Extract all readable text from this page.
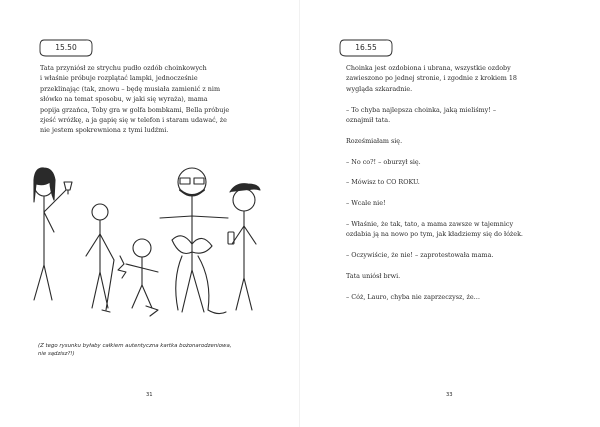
15.50
Tata przyniósł ze strychu pudło ozdób choinkowych
i właśnie próbuje rozplątać lampki, jednocześnie
przeklinając (tak, znowu – będę musiała zamienić z nim
słówko na temat sposobu, w jaki się wyraża), mama
popija grzańca, Toby gra w golfa bombkami, Bella próbuje
zjeść wróżkę, a ja gapię się w telefon i staram udawać, że
nie jestem spokrewniona z tymi ludźmi.
(Z tego rysunku byłaby całkiem autentyczna kartka bożonarodzeniowa,
nie sądzisz?!)
31
16.55

Choinka jest ozdobiona i ubrana, wszystkie ozdoby
zawieszono po jednej stronie, i zgodnie z krokiem 18
wygląda szkaradnie.

– To chyba najlepsza choinka, jaką mieliśmy! –
oznajmił tata.

Roześmiałam się.

– No co?! – oburzył się.

– Mówisz to CO ROKU.

– Wcale nie!

– Właśnie, że tak, tato, a mama zawsze w tajemnicy
ozdabia ją na nowo po tym, jak kładziemy się do łóżek.

– Oczywiście, że nie! – zaprotestowała mama.

Tata uniósł brwi.

– Cóż, Lauro, chyba nie zaprzeczysz, że…

33
